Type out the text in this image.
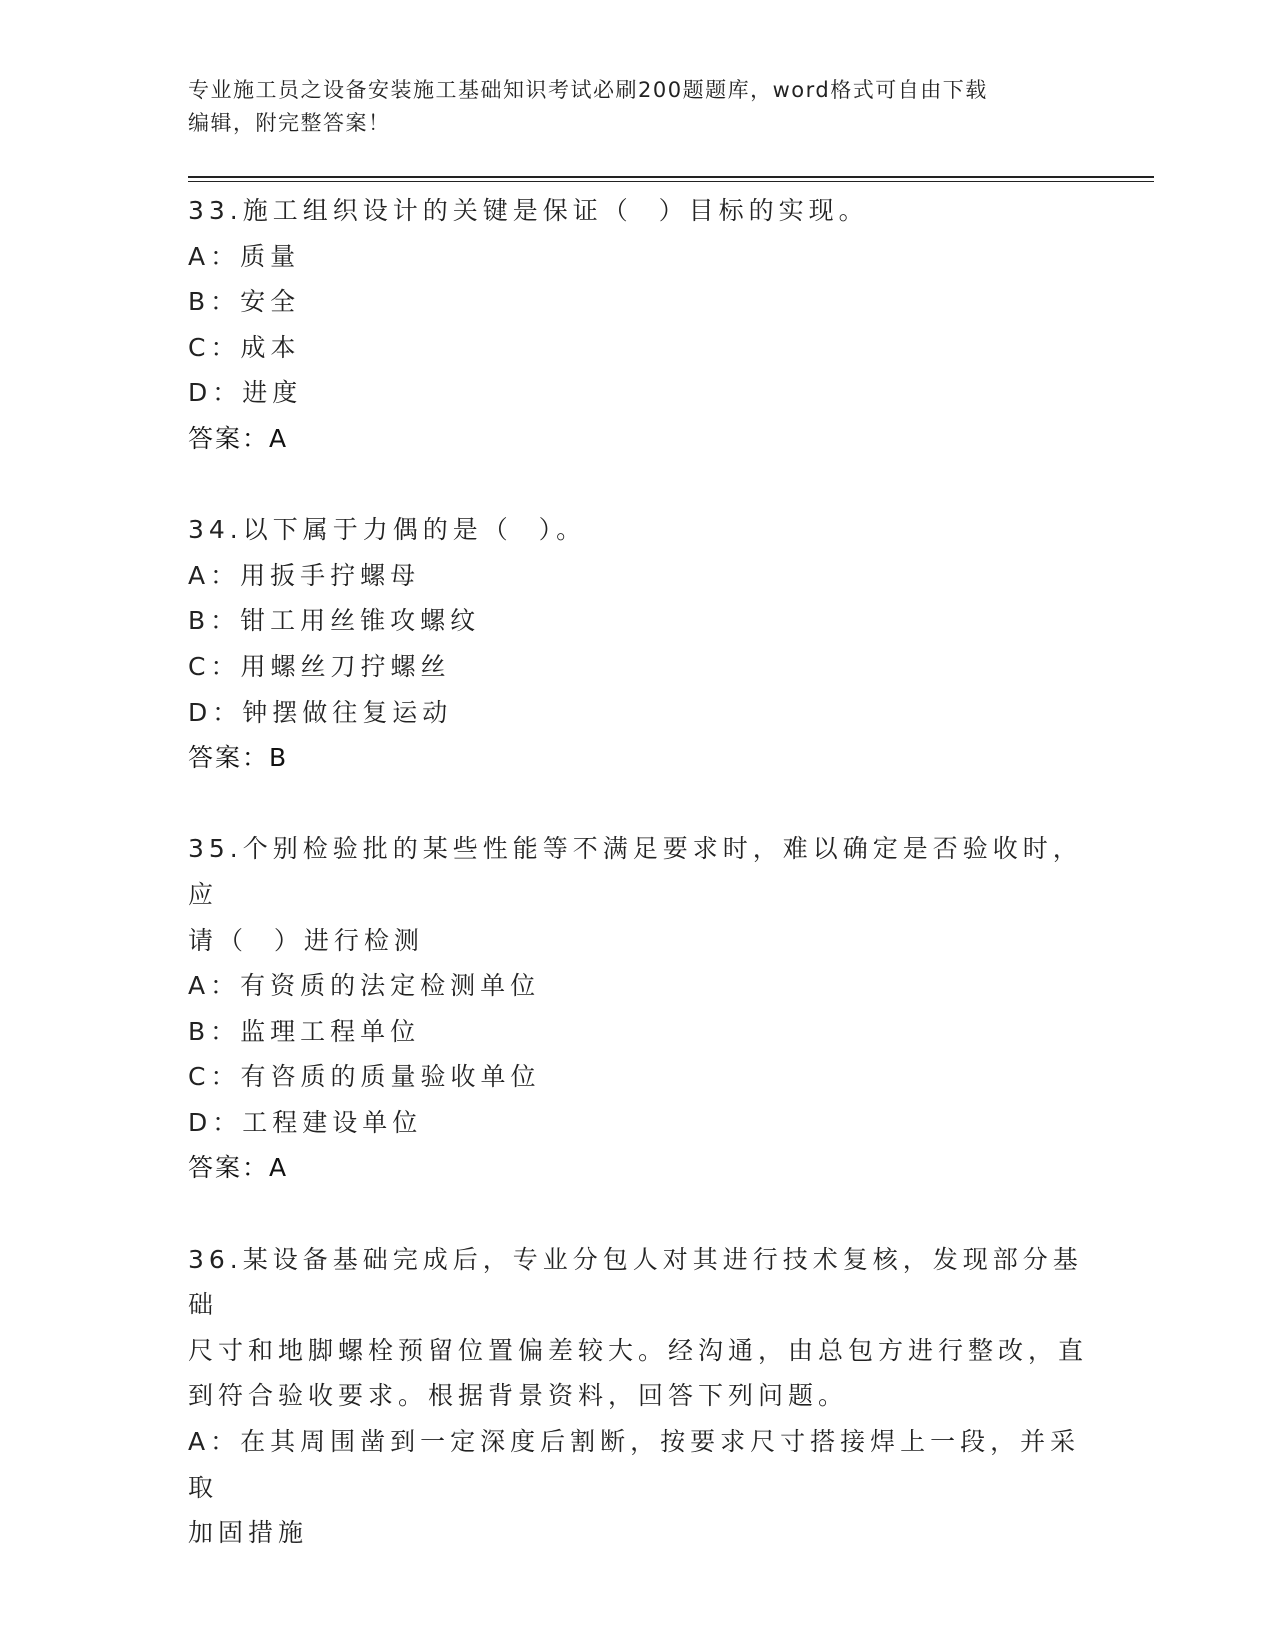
专业施工员之设备安装施工基础知识考试必刷200题题库，word格式可自由下载
编辑，附完整答案！
33.施工组织设计的关键是保证（  ）目标的实现。
A：质量
B：安全
C：成本
D：进度
答案：A
34.以下属于力偶的是（  ）。
A：用扳手拧螺母
B：钳工用丝锥攻螺纹
C：用螺丝刀拧螺丝
D：钟摆做往复运动
答案：B
35.个别检验批的某些性能等不满足要求时，难以确定是否验收时，应
请（  ）进行检测
A：有资质的法定检测单位
B：监理工程单位
C：有咨质的质量验收单位
D：工程建设单位
答案：A
36.某设备基础完成后，专业分包人对其进行技术复核，发现部分基础
尺寸和地脚螺栓预留位置偏差较大。经沟通，由总包方进行整改，直
到符合验收要求。根据背景资料，回答下列问题。
A：在其周围凿到一定深度后割断，按要求尺寸搭接焊上一段，并采取
加固措施
